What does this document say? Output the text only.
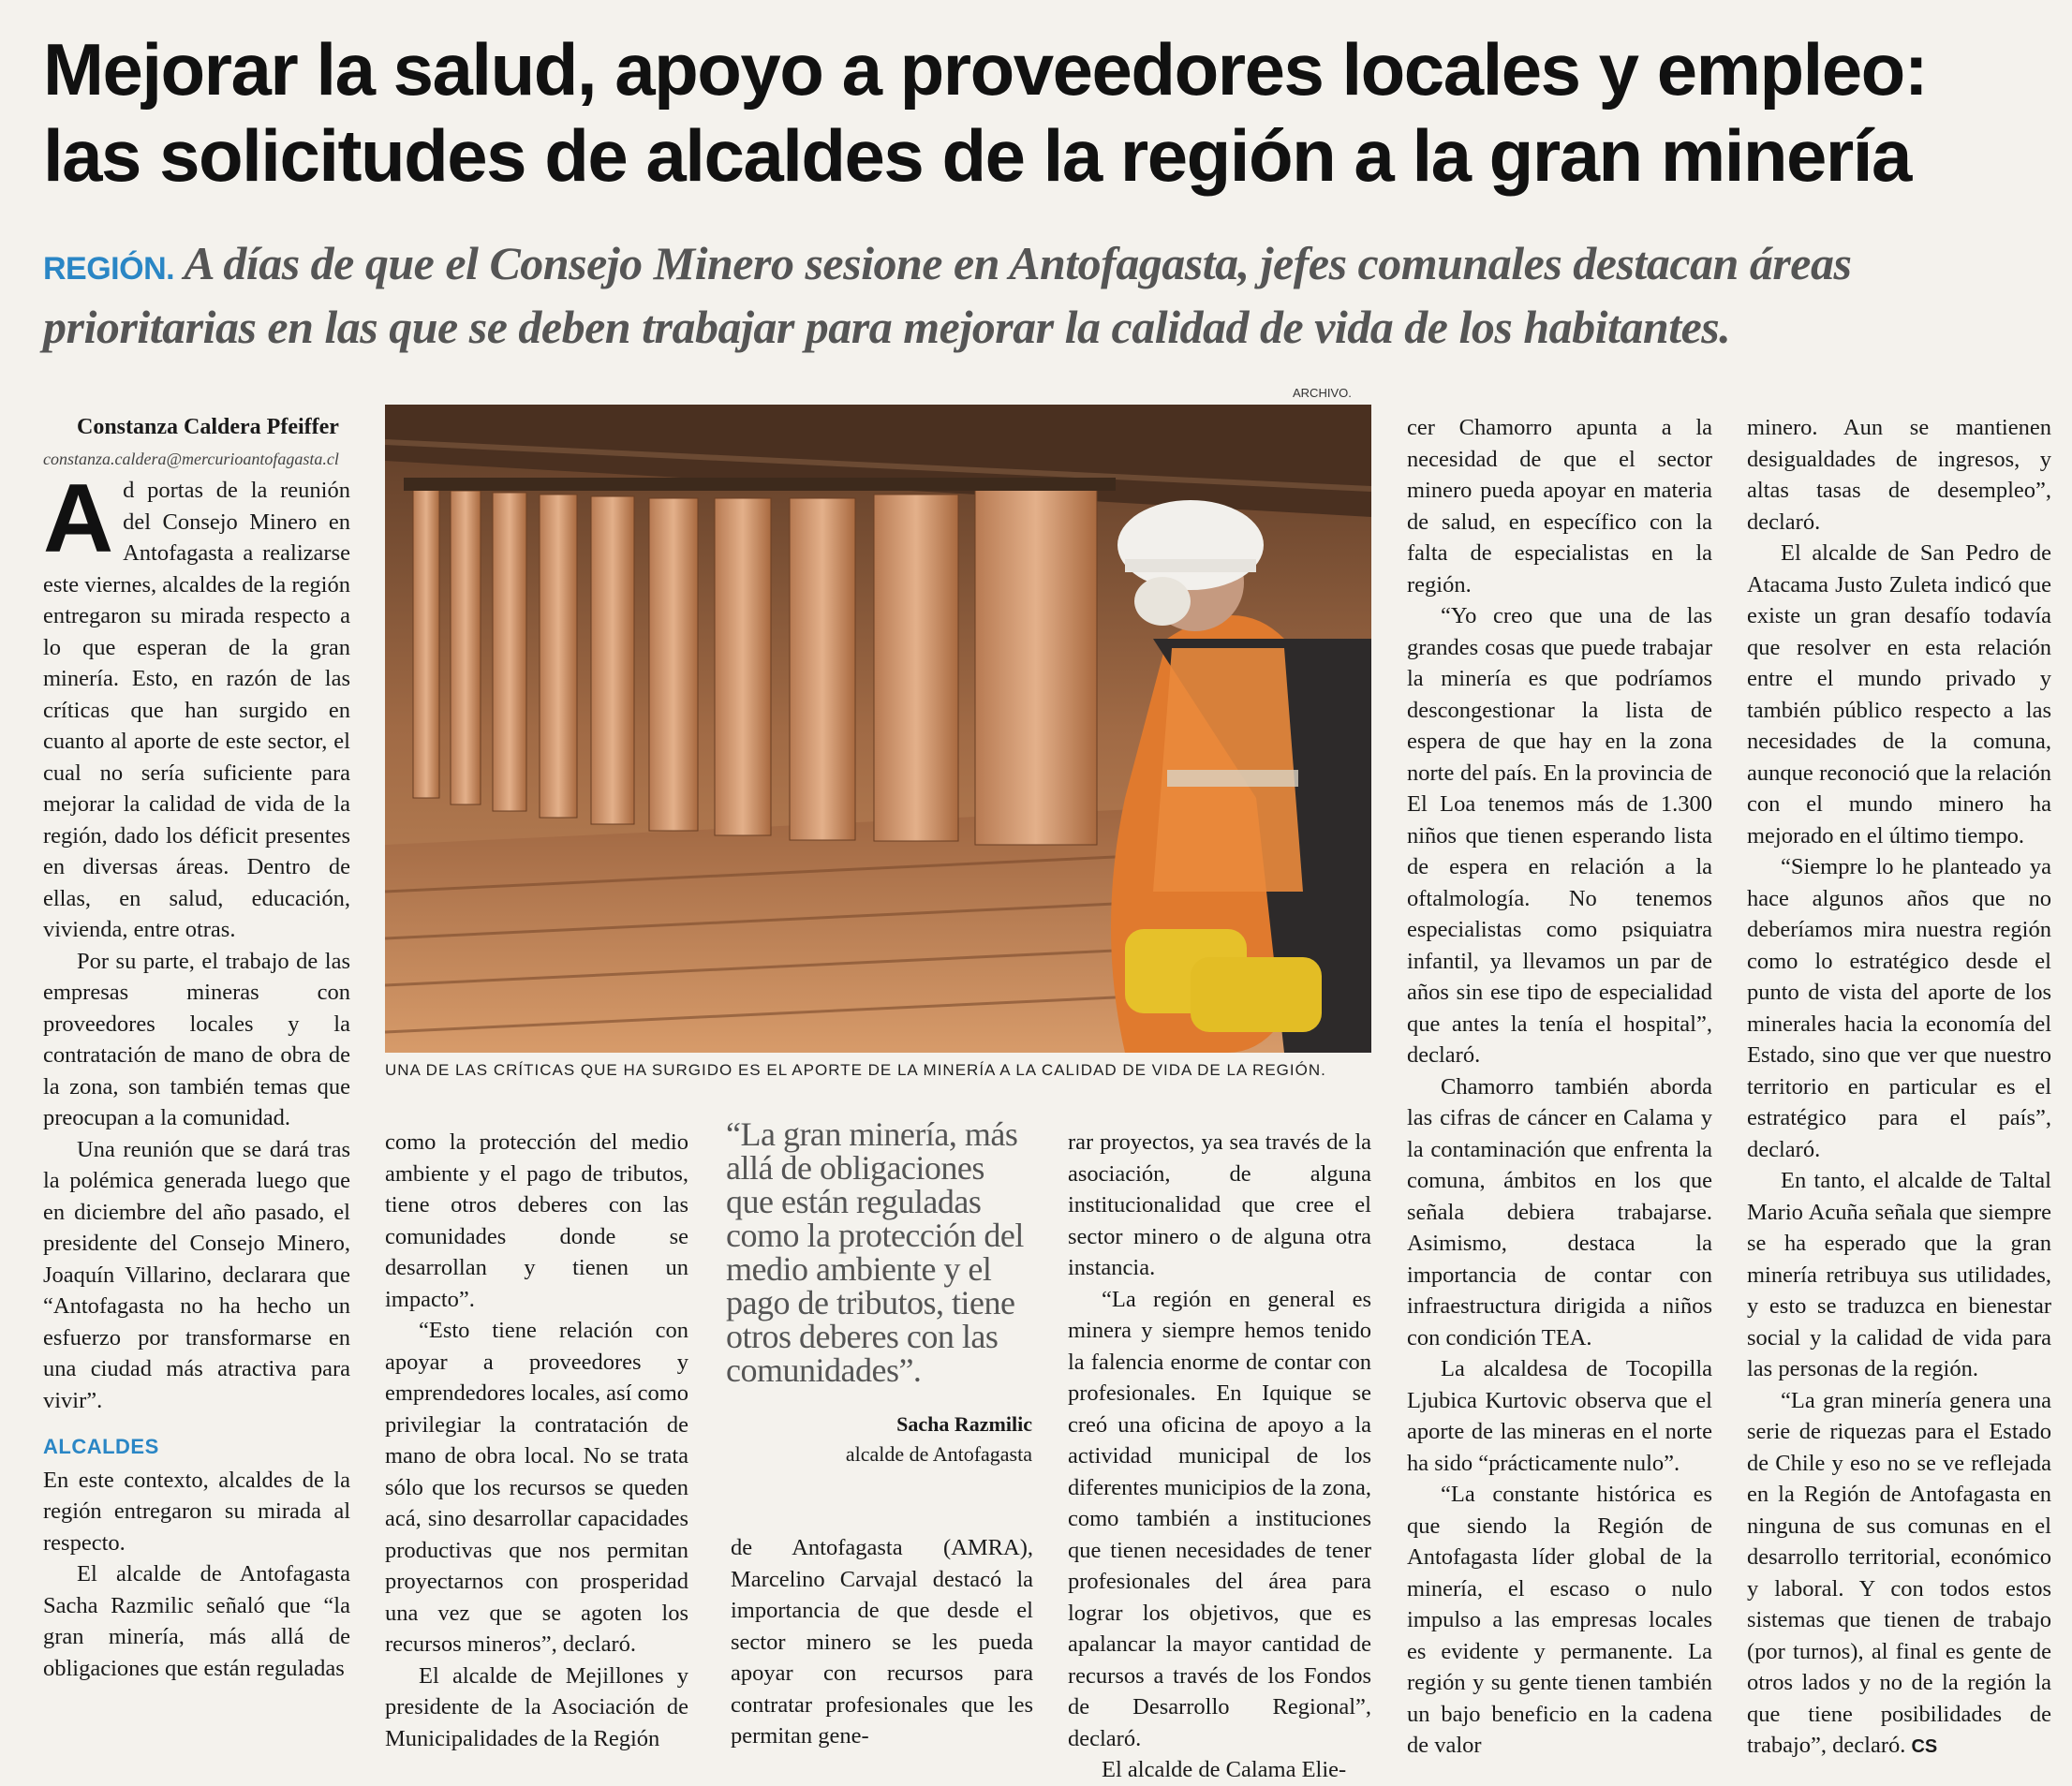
Mejorar la salud, apoyo a proveedores locales y empleo:
las solicitudes de alcaldes de la región a la gran minería
REGIÓN. A días de que el Consejo Minero sesione en Antofagasta, jefes comunales destacan áreas prioritarias en las que se deben trabajar para mejorar la calidad de vida de los habitantes.

Constanza Caldera Pfeiffer

constanza.caldera@mercurioantofagasta.cl

A d portas de la reunión del Consejo Minero en Antofagasta a realizarse este viernes, alcaldes de la región entregaron su mirada respecto a lo que esperan de la gran minería. Esto, en razón de las críticas que han surgido en cuanto al aporte de este sector, el cual no sería suficiente para mejorar la calidad de vida de la región, dado los déficit presentes en diversas áreas. Dentro de ellas, en salud, educación, vivienda, entre otras.

Por su parte, el trabajo de las empresas mineras con proveedores locales y la contratación de mano de obra de la zona, son también temas que preocupan a la comunidad.

Una reunión que se dará tras la polémica generada luego que en diciembre del año pasado, el presidente del Consejo Minero, Joaquín Villarino, declarara que “Antofagasta no ha hecho un esfuerzo por transformarse en una ciudad más atractiva para vivir”.

ALCALDES

En este contexto, alcaldes de la región entregaron su mirada al respecto.

El alcalde de Antofagasta Sacha Razmilic señaló que “la gran minería, más allá de obligaciones que están reguladas

ARCHIVO.
UNA DE LAS CRÍTICAS QUE HA SURGIDO ES EL APORTE DE LA MINERÍA A LA CALIDAD DE VIDA DE LA REGIÓN.

como la protección del medio ambiente y el pago de tributos, tiene otros deberes con las comunidades donde se desarrollan y tienen un impacto”.

“Esto tiene relación con apoyar a proveedores y emprendedores locales, así como privilegiar la contratación de mano de obra local. No se trata sólo que los recursos se queden acá, sino desarrollar capacidades productivas que nos permitan proyectarnos con prosperidad una vez que se agoten los recursos mineros”, declaró.

El alcalde de Mejillones y presidente de la Asociación de Municipalidades de la Región

“La gran minería, más allá de obligaciones que están reguladas como la protección del medio ambiente y el pago de tributos, tiene otros deberes con las comunidades”.
Sacha Razmilic
alcalde de Antofagasta

de Antofagasta (AMRA), Marcelino Carvajal destacó la importancia de que desde el sector minero se les pueda apoyar con recursos para contratar profesionales que les permitan gene-

rar proyectos, ya sea través de la asociación, de alguna institucionalidad que cree el sector minero o de alguna otra instancia.

“La región en general es minera y siempre hemos tenido la falencia enorme de contar con profesionales. En Iquique se creó una oficina de apoyo a la actividad municipal de los diferentes municipios de la zona, como también a instituciones que tienen necesidades de tener profesionales del área para lograr los objetivos, que es apalancar la mayor cantidad de recursos a través de los Fondos de Desarrollo Regional”, declaró.

El alcalde de Calama Elie-

cer Chamorro apunta a la necesidad de que el sector minero pueda apoyar en materia de salud, en específico con la falta de especialistas en la región.

“Yo creo que una de las grandes cosas que puede trabajar la minería es que podríamos descongestionar la lista de espera de que hay en la zona norte del país. En la provincia de El Loa tenemos más de 1.300 niños que tienen esperando lista de espera en relación a la oftalmología. No tenemos especialistas como psiquiatra infantil, ya llevamos un par de años sin ese tipo de especialidad que antes la tenía el hospital”, declaró.

Chamorro también aborda las cifras de cáncer en Calama y la contaminación que enfrenta la comuna, ámbitos en los que señala debiera trabajarse. Asimismo, destaca la importancia de contar con infraestructura dirigida a niños con condición TEA.

La alcaldesa de Tocopilla Ljubica Kurtovic observa que el aporte de las mineras en el norte ha sido “prácticamente nulo”.

“La constante histórica es que siendo la Región de Antofagasta líder global de la minería, el escaso o nulo impulso a las empresas locales es evidente y permanente. La región y su gente tienen también un bajo beneficio en la cadena de valor

minero. Aun se mantienen desigualdades de ingresos, y altas tasas de desempleo”, declaró.

El alcalde de San Pedro de Atacama Justo Zuleta indicó que existe un gran desafío todavía que resolver en esta relación entre el mundo privado y también público respecto a las necesidades de la comuna, aunque reconoció que la relación con el mundo minero ha mejorado en el último tiempo.

“Siempre lo he planteado ya hace algunos años que no deberíamos mira nuestra región como lo estratégico desde el punto de vista del aporte de los minerales hacia la economía del Estado, sino que ver que nuestro territorio en particular es el estratégico para el país”, declaró.

En tanto, el alcalde de Taltal Mario Acuña señala que siempre se ha esperado que la gran minería retribuya sus utilidades, y esto se traduzca en bienestar social y la calidad de vida para las personas de la región.

“La gran minería genera una serie de riquezas para el Estado de Chile y eso no se ve reflejada en la Región de Antofagasta en ninguna de sus comunas en el desarrollo territorial, económico y laboral. Y con todos estos sistemas que tienen de trabajo (por turnos), al final es gente de otros lados y no de la región la que tiene posibilidades de trabajo”, declaró. CS
